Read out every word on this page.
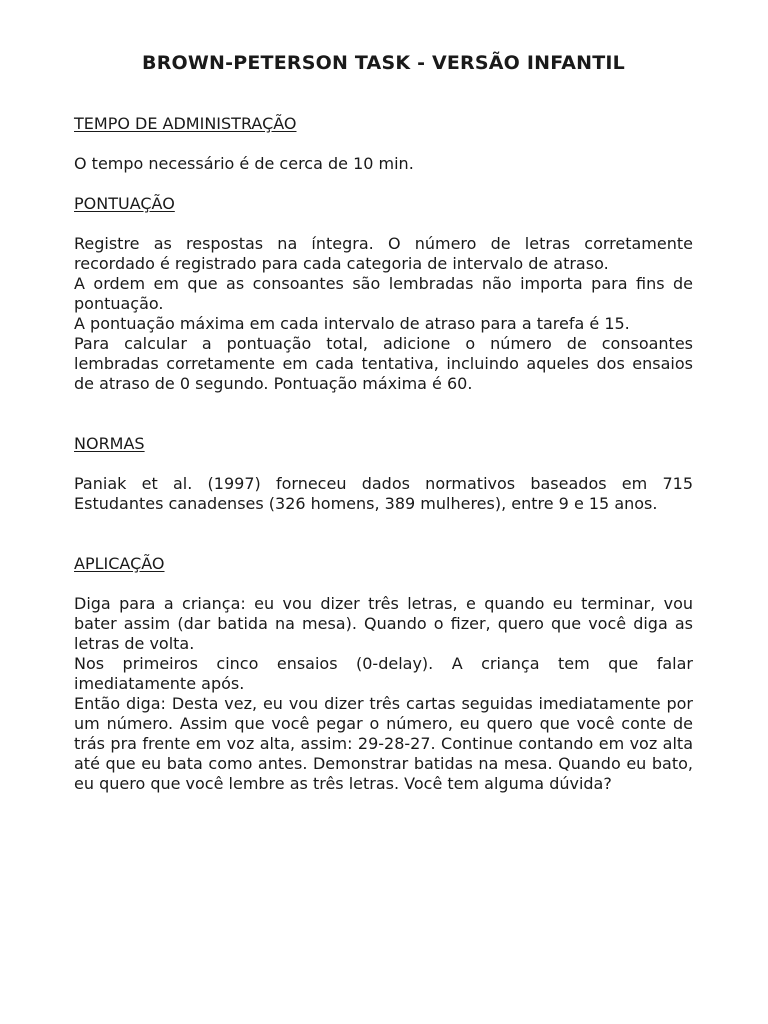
BROWN-PETERSON TASK - VERSÃO INFANTIL

TEMPO DE ADMINISTRAÇÃO

O tempo necessário é de cerca de 10 min.

PONTUAÇÃO

Registre as respostas na íntegra. O número de letras corretamente recordado é registrado para cada categoria de intervalo de atraso.

A ordem em que as consoantes são lembradas não importa para fins de pontuação.

A pontuação máxima em cada intervalo de atraso para a tarefa é 15.

Para calcular a pontuação total, adicione o número de consoantes lembradas corretamente em cada tentativa, incluindo aqueles dos ensaios de atraso de 0 segundo. Pontuação máxima é 60.

NORMAS

Paniak et al. (1997) forneceu dados normativos baseados em 715 Estudantes canadenses (326 homens, 389 mulheres), entre 9 e 15 anos.

APLICAÇÃO

Diga para a criança: eu vou dizer três letras, e quando eu terminar, vou bater assim (dar batida na mesa). Quando o fizer, quero que você diga as letras de volta.

Nos primeiros cinco ensaios (0-delay). A criança tem que falar imediatamente após.

Então diga: Desta vez, eu vou dizer três cartas seguidas imediatamente por um número. Assim que você pegar o número, eu quero que você conte de trás pra frente em voz alta, assim: 29-28-27. Continue contando em voz alta até que eu bata como antes. Demonstrar batidas na mesa. Quando eu bato, eu quero que você lembre as três letras. Você tem alguma dúvida?
